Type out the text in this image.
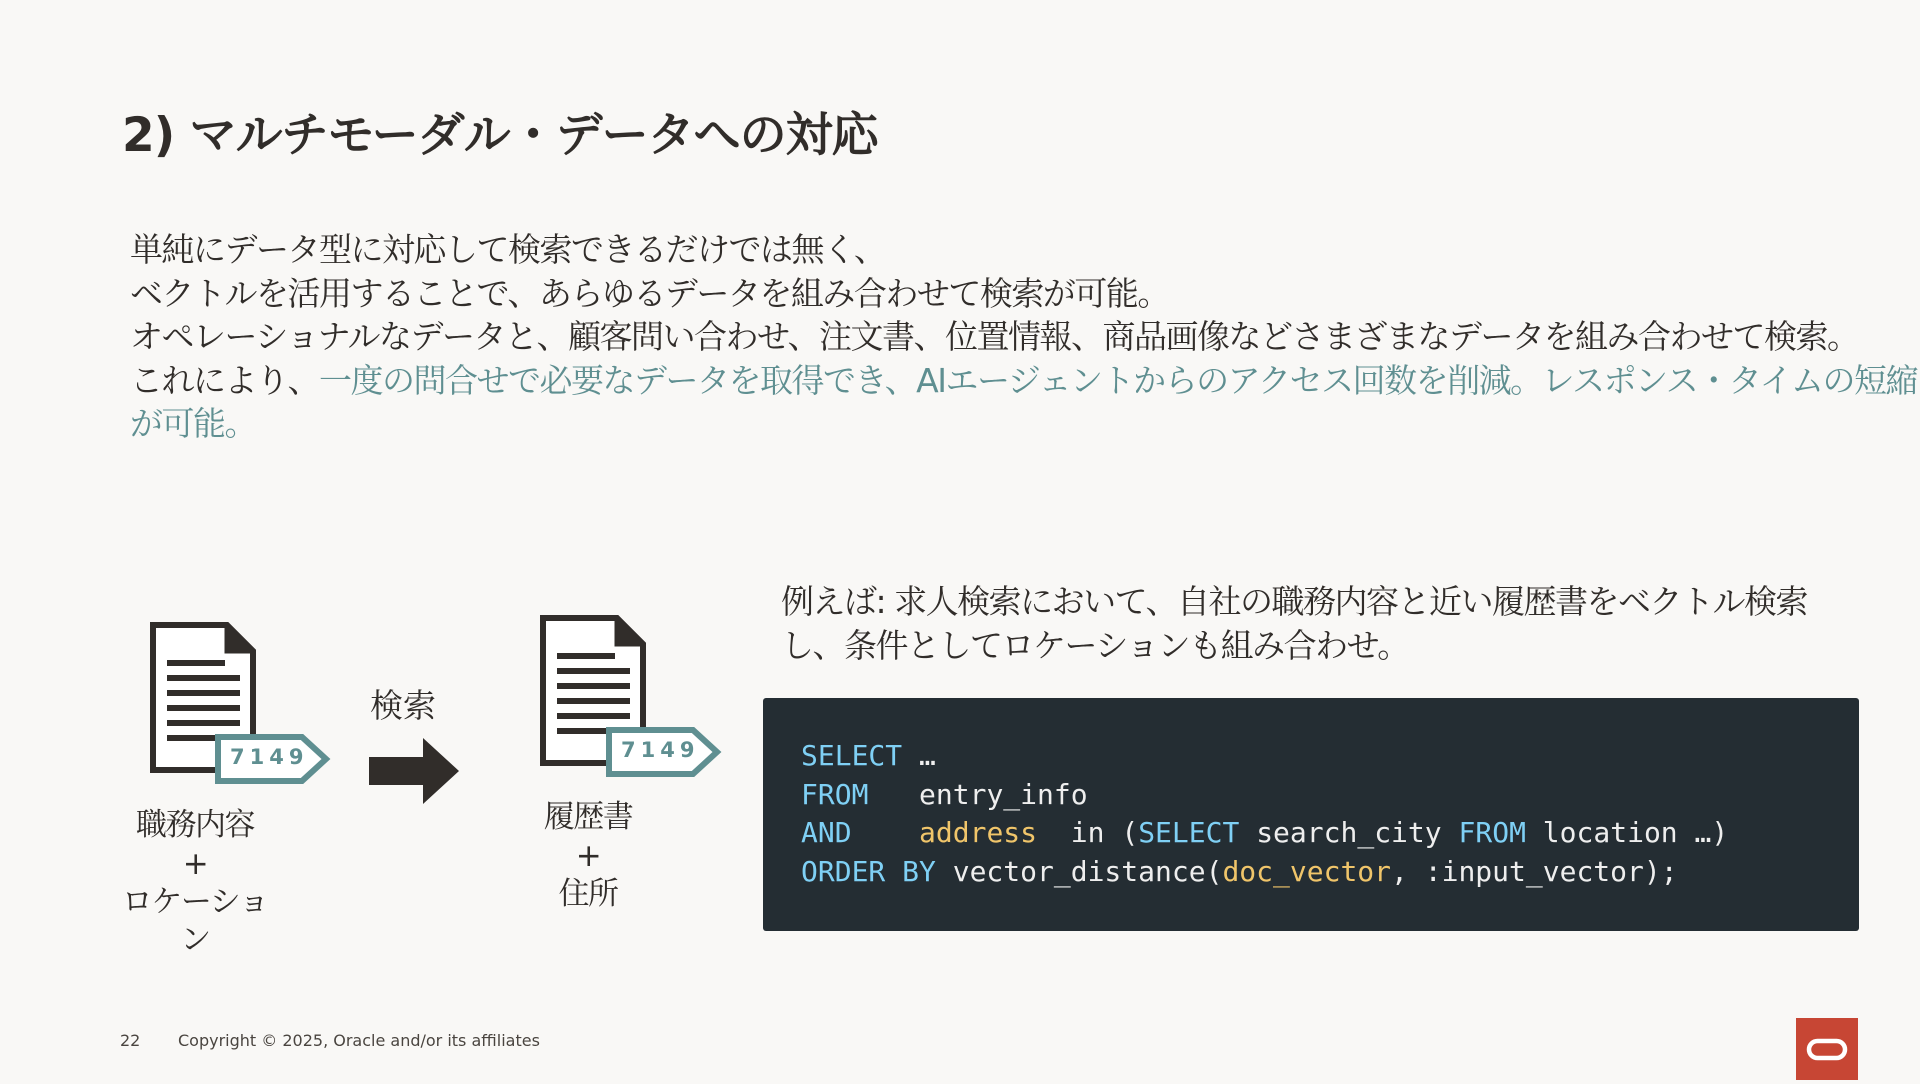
2) マルチモーダル・データへの対応
単純にデータ型に対応して検索できるだけでは無く、
ベクトルを活用することで、あらゆるデータを組み合わせて検索が可能。
オペレーショナルなデータと、顧客問い合わせ、注文書、位置情報、商品画像などさまざまなデータを組み合わせて検索。
これにより、一度の問合せで必要なデータを取得でき、AIエージェントからのアクセス回数を削減。レスポンス・タイムの短縮
が可能。
7149
職務内容
+
ロケーション
検索
7149
履歴書
+
住所
例えば: 求人検索において、自社の職務内容と近い履歴書をベクトル検索
し、条件としてロケーションも組み合わせ。
SELECT …
FROM   entry_info
AND address  in (SELECT search_city FROM location …)
ORDER BY vector_distance(doc_vector, :input_vector);
22 Copyright © 2025, Oracle and/or its affiliates
